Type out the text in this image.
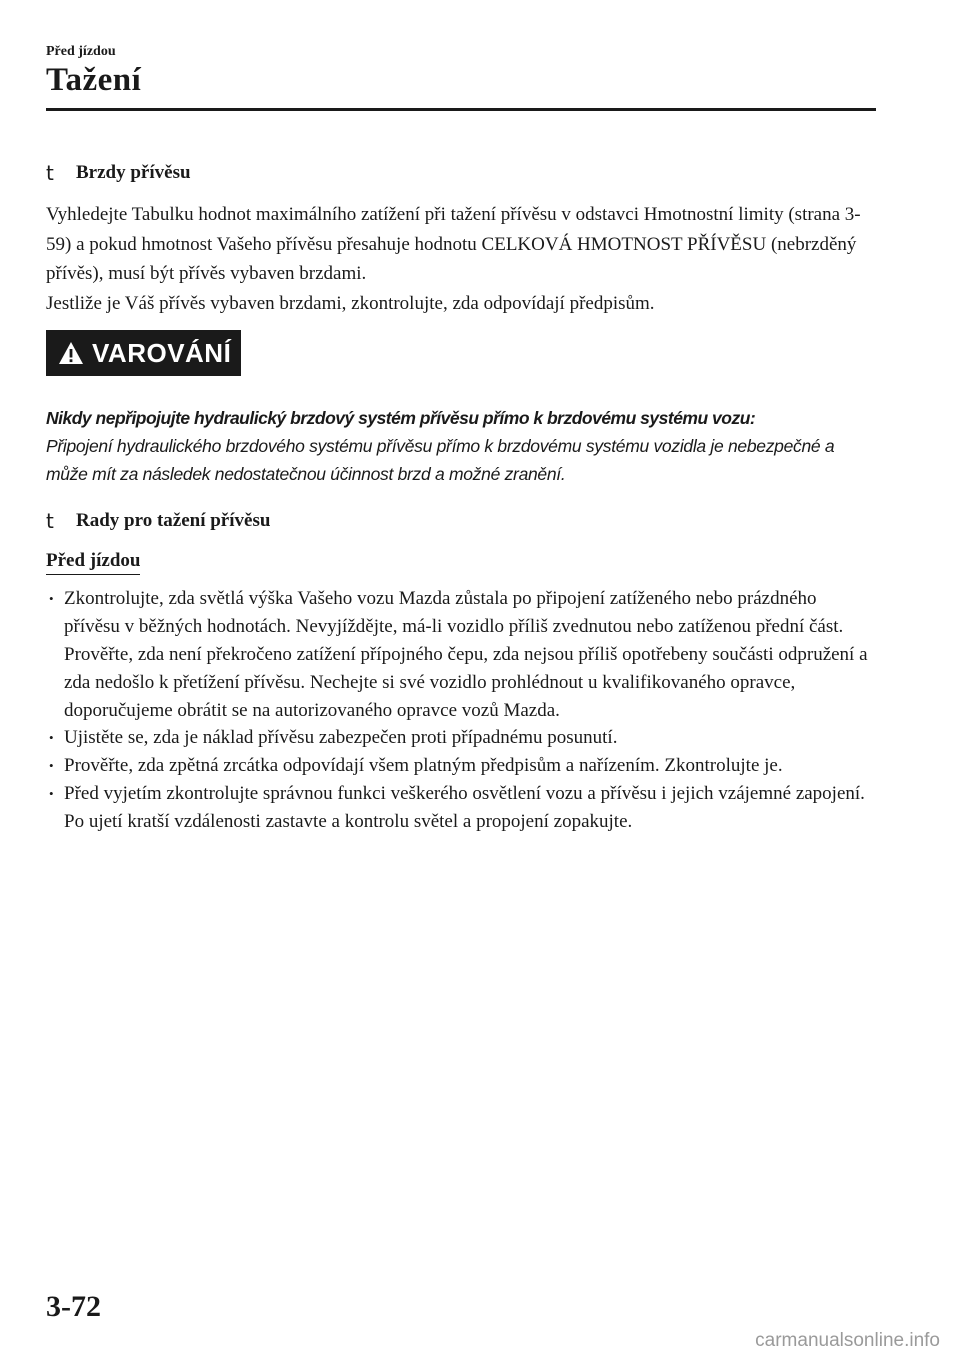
Před jízdou
Tažení
t	Brzdy přívěsu

Vyhledejte Tabulku hodnot maximálního zatížení při tažení přívěsu v odstavci Hmotnostní limity (strana 3-59) a pokud hmotnost Vašeho přívěsu přesahuje hodnotu CELKOVÁ HMOTNOST PŘÍVĚSU (nebrzděný přívěs), musí být přívěs vybaven brzdami.
Jestliže je Váš přívěs vybaven brzdami, zkontrolujte, zda odpovídají předpisům.

VAROVÁNÍ
Nikdy nepřipojujte hydraulický brzdový systém přívěsu přímo k brzdovému systému vozu:
Připojení hydraulického brzdového systému přívěsu přímo k brzdovému systému vozidla je nebezpečné a může mít za následek nedostatečnou účinnost brzd a možné zranění.
t	Rady pro tažení přívěsu
Před jízdou
• Zkontrolujte, zda světlá výška Vašeho vozu Mazda zůstala po připojení zatíženého nebo prázdného přívěsu v běžných hodnotách. Nevyjíždějte, má-li vozidlo příliš zvednutou nebo zatíženou přední část. Prověřte, zda není překročeno zatížení přípojného čepu, zda nejsou příliš opotřebeny součásti odpružení a zda nedošlo k přetížení přívěsu. Nechejte si své vozidlo prohlédnout u kvalifikovaného opravce, doporučujeme obrátit se na autorizovaného opravce vozů Mazda.
• Ujistěte se, zda je náklad přívěsu zabezpečen proti případnému posunutí.
• Prověřte, zda zpětná zrcátka odpovídají všem platným předpisům a nařízením. Zkontrolujte je.
• Před vyjetím zkontrolujte správnou funkci veškerého osvětlení vozu a přívěsu i jejich vzájemné zapojení. Po ujetí kratší vzdálenosti zastavte a kontrolu světel a propojení zopakujte.
3-72
carmanualsonline.info
